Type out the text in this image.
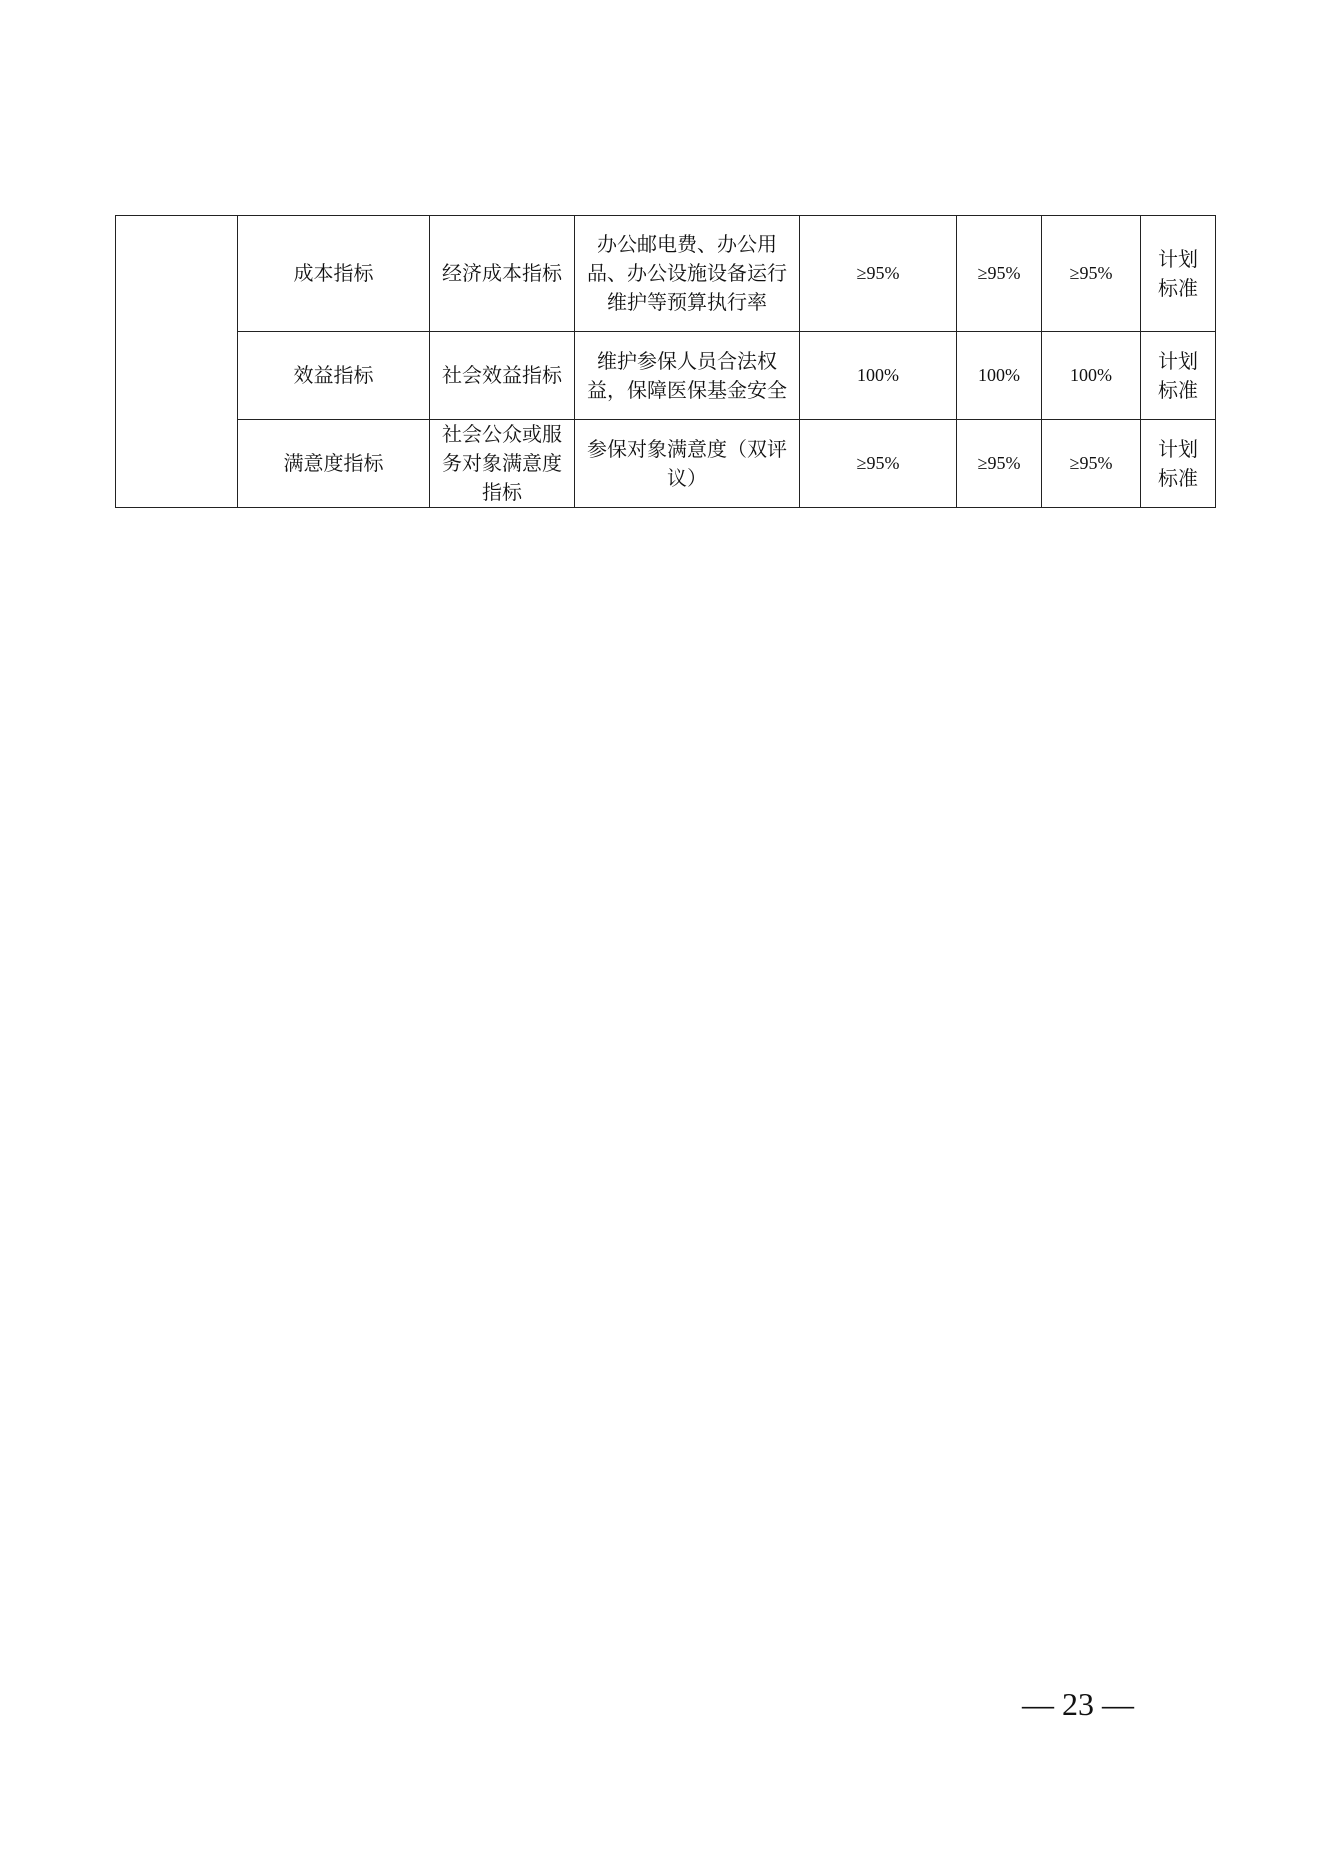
	成本指标	经济成本指标	办公邮电费、办公用品、办公设施设备运行维护等预算执行率	≥95%	≥95%	≥95%	计划标准
	效益指标	社会效益指标	维护参保人员合法权益，保障医保基金安全	100%	100%	100%	计划标准
	满意度指标	社会公众或服务对象满意度指标	参保对象满意度（双评议）	≥95%	≥95%	≥95%	计划标准
— 23 —
